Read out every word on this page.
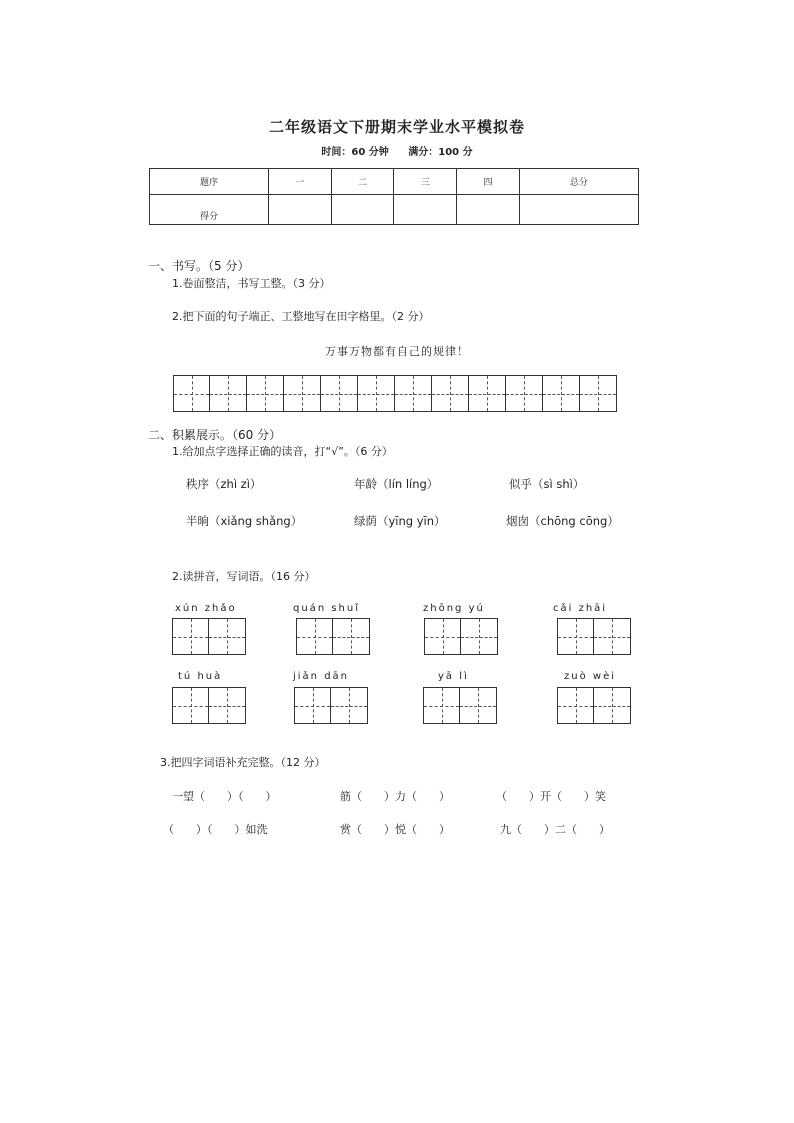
二年级语文下册期末学业水平模拟卷
时间：60 分钟 满分：100 分
题序	一	二	三	四	总分
得分					
一、书写。（5 分）
1.卷面整洁，书写工整。（3 分）
2.把下面的句子端正、工整地写在田字格里。（2 分）
万事万物都有自己的规律！
二、积累展示。（60 分）
1.给加点字选择正确的读音，打“√”。（6 分）
秩序（zhì zì）	年龄（lín líng）	似乎（sì shì）
半晌（xiǎng shǎng）	绿荫（yīng yīn）	烟囱（chōng cōng）
2.读拼音，写词语。（16 分）
xún zhǎo	quán shuǐ	zhōng yú	cǎi zhāi
tú huà	jiǎn dān	yā lì	zuò wèi
3.把四字词语补充完整。（12 分）
一望（　　）（　　）	筋（　　）力（　　）	（　　）开（　　）笑
（　　）（　　）如洗	赏（　　）悦（　　）	九（　　）二（　　）
